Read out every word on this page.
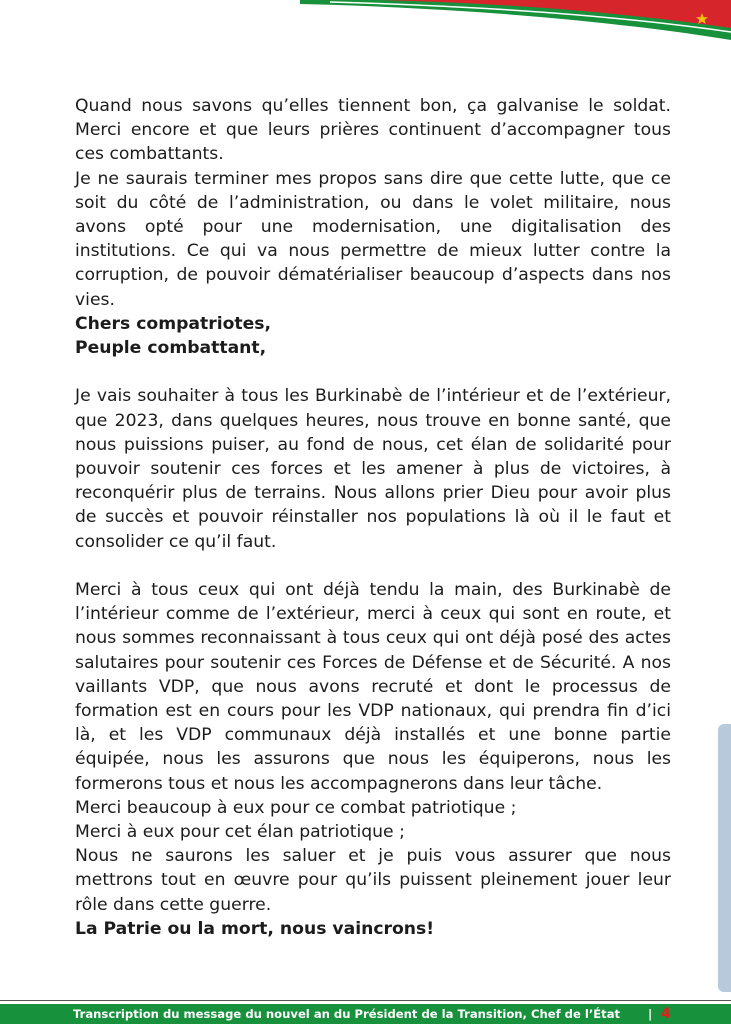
Quand nous savons qu’elles tiennent bon, ça galvanise le soldat. Merci encore et que leurs prières continuent d’accompagner tous ces combattants.

Je ne saurais terminer mes propos sans dire que cette lutte, que ce soit du côté de l’administration, ou dans le volet militaire, nous avons opté pour une modernisation, une digitalisation des institutions. Ce qui va nous permettre de mieux lutter contre la corruption, de pouvoir dématérialiser beaucoup d’aspects dans nos vies.

Chers compatriotes,

Peuple combattant,

Je vais souhaiter à tous les Burkinabè de l’intérieur et de l’extérieur, que 2023, dans quelques heures, nous trouve en bonne santé, que nous puissions puiser, au fond de nous, cet élan de solidarité pour pouvoir soutenir ces forces et les amener à plus de victoires, à reconquérir plus de terrains. Nous allons prier Dieu pour avoir plus de succès et pouvoir réinstaller nos populations là où il le faut et consolider ce qu’il faut.

Merci à tous ceux qui ont déjà tendu la main, des Burkinabè de l’intérieur comme de l’extérieur, merci à ceux qui sont en route, et nous sommes reconnaissant à tous ceux qui ont déjà posé des actes salutaires pour soutenir ces Forces de Défense et de Sécurité. A nos vaillants VDP, que nous avons recruté et dont le processus de formation est en cours pour les VDP nationaux, qui prendra fin d’ici là, et les VDP communaux déjà installés et une bonne partie équipée, nous les assurons que nous les équiperons, nous les formerons tous et nous les accompagnerons dans leur tâche.

Merci beaucoup à eux pour ce combat patriotique ;

Merci à eux pour cet élan patriotique ;

Nous ne saurons les saluer et je puis vous assurer que nous mettrons tout en œuvre pour qu’ils puissent pleinement jouer leur rôle dans cette guerre.

La Patrie ou la mort, nous vaincrons!

Transcription du message du nouvel an du Président de la Transition, Chef de l’État | 4
